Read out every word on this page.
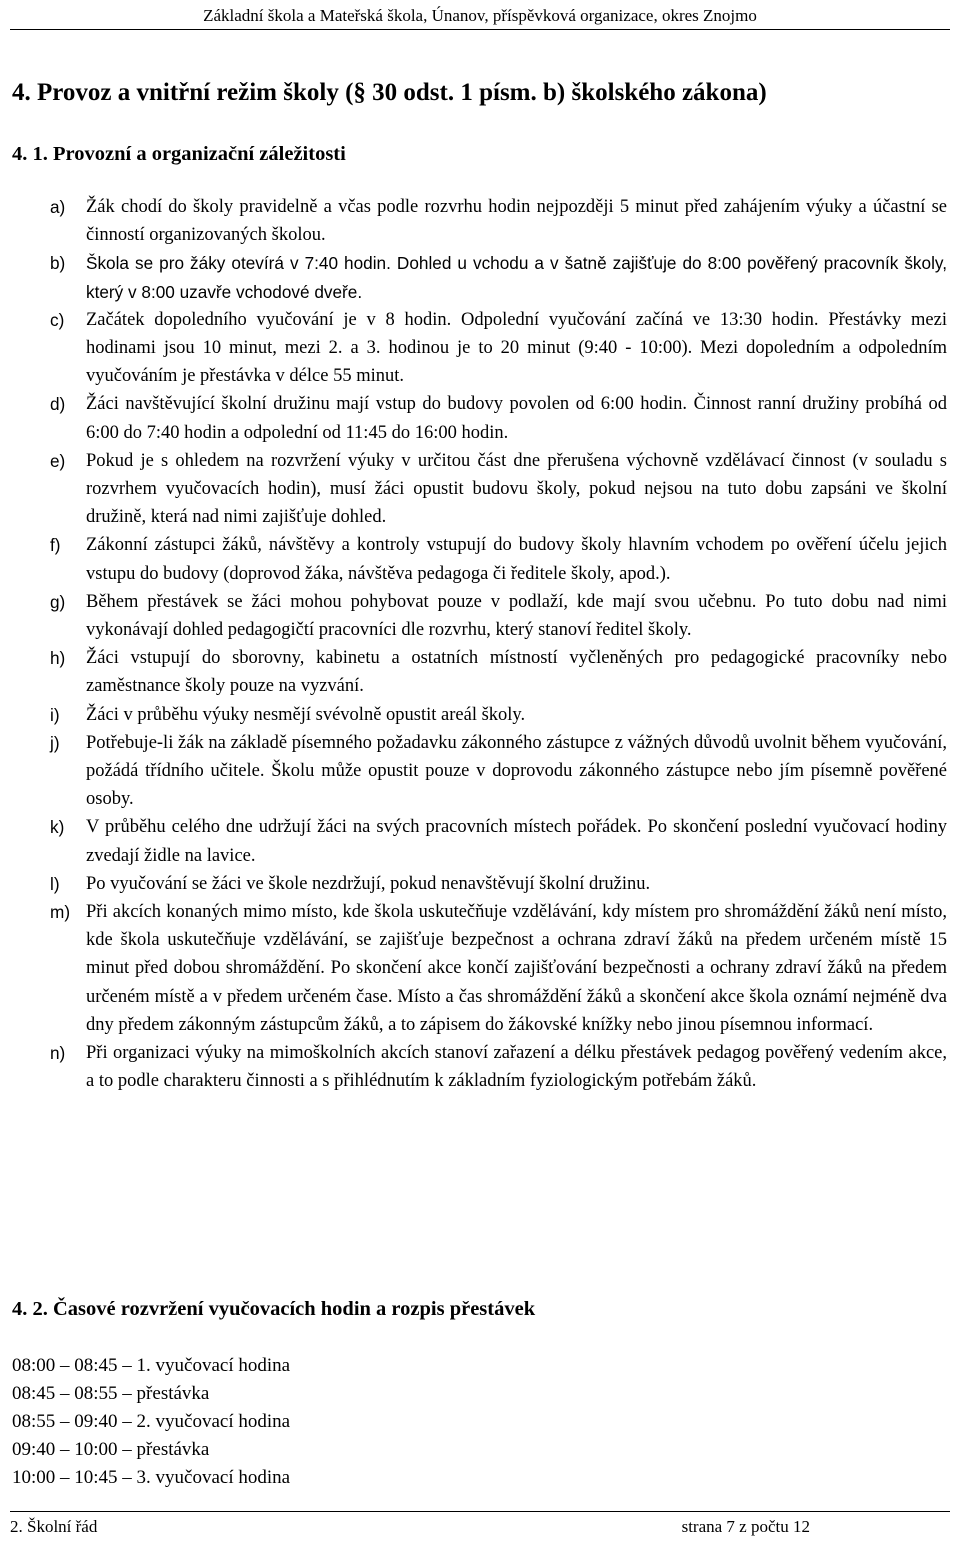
Základní škola a Mateřská škola, Únanov, příspěvková organizace, okres Znojmo
4. Provoz a vnitřní režim školy (§ 30 odst. 1 písm. b) školského zákona)
4. 1. Provozní a organizační záležitosti
a) Žák chodí do školy pravidelně a včas podle rozvrhu hodin nejpozději 5 minut před zahájením výuky a účastní se činností organizovaných školou.
b) Škola se pro žáky otevírá v 7:40 hodin. Dohled u vchodu a v šatně zajišťuje do 8:00 pověřený pracovník školy, který v 8:00 uzavře vchodové dveře.
c) Začátek dopoledního vyučování je v 8 hodin. Odpolední vyučování začíná ve 13:30 hodin. Přestávky mezi hodinami jsou 10 minut, mezi 2. a 3. hodinou je to 20 minut (9:40 - 10:00). Mezi dopoledním a odpoledním vyučováním je přestávka v délce 55 minut.
d) Žáci navštěvující školní družinu mají vstup do budovy povolen od 6:00 hodin. Činnost ranní družiny probíhá od 6:00 do 7:40 hodin a odpolední od 11:45 do 16:00 hodin.
e) Pokud je s ohledem na rozvržení výuky v určitou část dne přerušena výchovně vzdělávací činnost (v souladu s rozvrhem vyučovacích hodin), musí žáci opustit budovu školy, pokud nejsou na tuto dobu zapsáni ve školní družině, která nad nimi zajišťuje dohled.
f) Zákonní zástupci žáků, návštěvy a kontroly vstupují do budovy školy hlavním vchodem po ověření účelu jejich vstupu do budovy (doprovod žáka, návštěva pedagoga či ředitele školy, apod.).
g) Během přestávek se žáci mohou pohybovat pouze v podlaží, kde mají svou učebnu. Po tuto dobu nad nimi vykonávají dohled pedagogičtí pracovníci dle rozvrhu, který stanoví ředitel školy.
h) Žáci vstupují do sborovny, kabinetu a ostatních místností vyčleněných pro pedagogické pracovníky nebo zaměstnance školy pouze na vyzvání.
i) Žáci v průběhu výuky nesmějí svévolně opustit areál školy.
j) Potřebuje-li žák na základě písemného požadavku zákonného zástupce z vážných důvodů uvolnit během vyučování, požádá třídního učitele. Školu může opustit pouze v doprovodu zákonného zástupce nebo jím písemně pověřené osoby.
k) V průběhu celého dne udržují žáci na svých pracovních místech pořádek. Po skončení poslední vyučovací hodiny zvedají židle na lavice.
l) Po vyučování se žáci ve škole nezdržují, pokud nenavštěvují školní družinu.
m) Při akcích konaných mimo místo, kde škola uskutečňuje vzdělávání, kdy místem pro shromáždění žáků není místo, kde škola uskutečňuje vzdělávání, se zajišťuje bezpečnost a ochrana zdraví žáků na předem určeném místě 15 minut před dobou shromáždění. Po skončení akce končí zajišťování bezpečnosti a ochrany zdraví žáků na předem určeném místě a v předem určeném čase. Místo a čas shromáždění žáků a skončení akce škola oznámí nejméně dva dny předem zákonným zástupcům žáků, a to zápisem do žákovské knížky nebo jinou písemnou informací.
n) Při organizaci výuky na mimoškolních akcích stanoví zařazení a délku přestávek pedagog pověřený vedením akce, a to podle charakteru činnosti a s přihlédnutím k základním fyziologickým potřebám žáků.
4. 2. Časové rozvržení vyučovacích hodin a rozpis přestávek
08:00 – 08:45 – 1. vyučovací hodina
08:45 – 08:55 – přestávka
08:55 – 09:40 – 2. vyučovací hodina
09:40 – 10:00 – přestávka
10:00 – 10:45 – 3. vyučovací hodina
2. Školní řád	strana 7 z počtu 12
